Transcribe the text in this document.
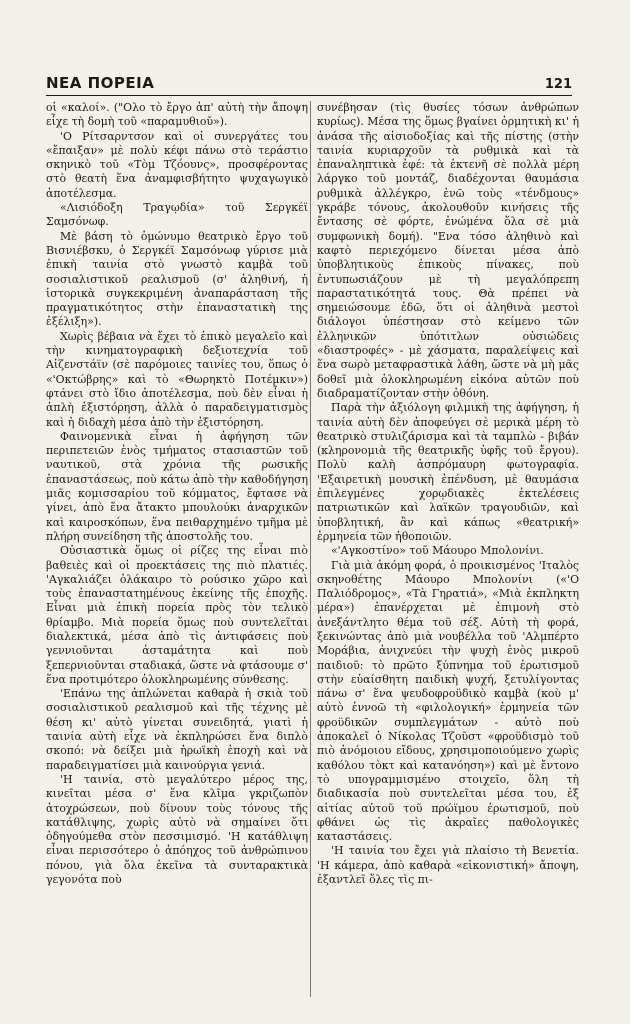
ΝΕΑ ΠΟΡΕΙΑ	121

οἱ «καλοί». ("Ολο τὸ ἔργο ἀπ' αὐτὴ τὴν ἄποψη εἶχε τὴ δομὴ τοῦ «παραμυθιοῦ»).

'Ο Ρίτσαρντσον καὶ οἱ συνεργάτες του «ἔπαιξαν» μὲ πολὺ κέφι πάνω στὸ τεράστιο σκηνικὸ τοῦ «Τὸμ Τζόουνς», προσφέροντας στὸ θεατὴ ἕνα ἀναμφισβήτητο ψυχαγωγικὸ ἀποτέλεσμα.

«Λισιόδοξη Τραγῳδία» τοῦ Σεργκέϊ Σαμσόνωφ.

Μὲ βάση τὸ ὁμώνυμο θεατρικὸ ἔργο τοῦ Βισνιέβσκυ, ὁ Σεργκέϊ Σαμσόνωφ γύρισε μιὰ ἐπικὴ ταινία στὸ γνωστὸ καμβὰ τοῦ σοσιαλιστικοῦ ρεαλισμοῦ (σ' ἀληθινή, ἡ ἱστορικὰ συγκεκριμένη ἀναπαράσταση τῆς πραγματικότητος στὴν ἐπαναστατικὴ της ἐξέλιξη»).

Χωρὶς βέβαια νὰ ἔχει τὸ ἐπικὸ μεγαλεῖο καὶ τὴν κινηματογραφικὴ δεξιοτεχνία τοῦ Αἰζενστάϊν (σὲ παρόμοιες ταινίες του, ὅπως ὁ «'Οκτώβρης» καὶ τὸ «Θωρηκτὸ Ποτέμκιν») φτάνει στὸ ἴδιο ἀποτέλεσμα, ποὺ δὲν εἶναι ἡ ἁπλὴ ἐξιστόρηση, ἀλλὰ ὁ παραδειγματισμὸς καὶ ἡ διδαχὴ μέσα ἀπὸ τὴν ἐξιστόρηση.

Φαινομενικὰ εἶναι ἡ ἀφήγηση τῶν περιπετειῶν ἑνὸς τμήματος στασιαστῶν τοῦ ναυτικοῦ, στὰ χρόνια τῆς ρωσικῆς ἐπαναστάσεως, ποὺ κάτω ἀπὸ τὴν καθοδήγηση μιᾶς κομισσαρίου τοῦ κόμματος, ἔφτασε νὰ γίνει, ἀπὸ ἕνα ἄτακτο μπουλούκι ἀναρχικῶν καὶ καιροσκόπων, ἕνα πειθαρχημένο τμῆμα μὲ πλήρη συνείδηση τῆς ἀποστολῆς του.

Οὐσιαστικὰ ὅμως οἱ ρίζες της εἶναι πιὸ βαθειὲς καὶ οἱ προεκτάσεις της πιὸ πλατιές. 'Αγκαλιάζει ὁλάκαιρο τὸ ρούσικο χῶρο καὶ τοὺς ἐπαναστατημένους ἐκείνης τῆς ἐποχῆς. Εἶναι μιὰ ἐπικὴ πορεία πρὸς τὸν τελικὸ θρίαμβο. Μιὰ πορεία ὅμως ποὺ συντελεῖται διαλεκτικά, μέσα ἀπὸ τὶς ἀντιφάσεις ποὺ γεννιοῦνται ἀσταμάτητα καὶ ποὺ ξεπερνιοῦνται σταδιακά, ὥστε νὰ φτάσουμε σ' ἕνα προτιμότερο ὁλοκληρωμένης σύνθεσης.

'Επάνω της ἁπλώνεται καθαρὰ ἡ σκιὰ τοῦ σοσιαλιστικοῦ ρεαλισμοῦ καὶ τῆς τέχνης μὲ θέση κι' αὐτὸ γίνεται συνειδητά, γιατὶ ἡ ταινία αὐτὴ εἶχε νὰ ἐκπληρώσει ἕνα διπλὸ σκοπό: νὰ δείξει μιὰ ἡρωϊκὴ ἐποχὴ καὶ νὰ παραδειγματίσει μιὰ καινούργια γενιά.

'Η ταινία, στὸ μεγαλύτερο μέρος της, κινεῖται μέσα σ' ἕνα κλῖμα γκριζωπὸν ἀτοχρώσεων, ποὺ δίνουν τοὺς τόνους τῆς κατάθλιψης, χωρὶς αὐτὸ νὰ σημαίνει ὅτι ὁδηγούμεθα στὸν πεσσιμισμό. 'Η κατάθλιψη εἶναι περισσότερο ὁ ἀπόηχος τοῦ ἀνθρώπινου πόνου, γιὰ ὅλα ἐκεῖνα τὰ συνταρακτικὰ γεγονότα ποὺ

συνέβησαν (τὶς θυσίες τόσων ἀνθρώπων κυρίως). Μέσα της ὅμως βγαίνει ὁρμητικὴ κι' ἡ ἀνάσα τῆς αἰσιοδοξίας καὶ τῆς πίστης (στὴν ταινία κυριαρχοῦν τὰ ρυθμικὰ καὶ τὰ ἐπαναληπτικὰ ἐφέ: τὰ ἐκτενῆ σὲ πολλὰ μέρη λάργκο τοῦ μοντάζ, διαδέχονται θαυμάσια ρυθμικὰ ἀλλέγκρο, ἐνῶ τοὺς «τένδμους» γκράβε τόνους, ἀκολουθοῦν κινήσεις τῆς ἔντασης σὲ φόρτε, ἐνώμένα ὅλα σὲ μιὰ συμφωνικὴ δομή). "Ενα τόσο ἀληθινὸ καὶ καφτὸ περιεχόμενο δίνεται μέσα ἀπὸ ὑποβλητικοὺς ἐπικοὺς πίνακες, ποὺ ἐντυπωσιάζουν μὲ τὴ μεγαλόπρεπη παραστατικότητά τους. Θὰ πρέπει νὰ σημειώσουμε ἐδῶ, ὅτι οἱ ἀληθινὰ μεστοὶ διάλογοι ὑπέστησαν στὸ κείμενο τῶν ἑλληνικῶν ὑπότιτλων οὐσιώδεις «διαστροφές» - μὲ χάσματα, παραλείψεις καὶ ἕνα σωρὸ μεταφραστικὰ λάθη, ὥστε νὰ μὴ μᾶς δοθεῖ μιὰ ὁλοκληρωμένη εἰκόνα αὐτῶν ποὺ διαδραματίζονταν στὴν ὀθόνη.

Παρὰ τὴν ἀξιόλογη φιλμικὴ της ἀφήγηση, ἡ ταινία αὐτὴ δὲν ἀποφεύγει σὲ μερικὰ μέρη τὸ θεατρικὸ στυλιζάρισμα καὶ τὰ ταμπλὼ - βιβάν (κληρονομιὰ τῆς θεατρικῆς ὑφῆς τοῦ ἔργου). Πολὺ καλὴ ἀσπρόμαυρη φωτογραφία. 'Εξαιρετικὴ μουσικὴ ἐπένδυση, μὲ θαυμάσια ἐπιλεγμένες χορῳδιακὲς ἐκτελέσεις πατριωτικῶν καὶ λαϊκῶν τραγουδιῶν, καὶ ὑποβλητική, ἂν καὶ κάπως «θεατρική» ἑρμηνεία τῶν ἠθοποιῶν.

«'Αγκοστίνο» τοῦ Μάουρο Μπολονίνι.

Γιὰ μιὰ ἀκόμη φορά, ὁ προικισμένος 'Ιταλὸς σκηνοθέτης Μάουρο Μπολονίνι («'Ο Παλιόδρομος», «Τὰ Γηρατιά», «Μιὰ ἐκπληκτη μέρα») ἐπανέρχεται μὲ ἐπιμονὴ στὸ ἀνεξάντλητο θέμα τοῦ σέξ. Αὐτὴ τὴ φορά, ξεκινώντας ἀπὸ μιὰ νουβέλλα τοῦ 'Αλμπέρτο Μοράβια, ἀνιχνεύει τὴν ψυχὴ ἑνὸς μικροῦ παιδιοῦ: τὸ πρῶτο ξύπνημα τοῦ ἐρωτισμοῦ στὴν εὐαίσθητη παιδικὴ ψυχή, ξετυλίγοντας πάνω σ' ἕνα ψευδοφροϋδικὸ καμβὰ (κοὺ μ' αὐτὸ ἐννοῶ τὴ «φιλολογική» ἑρμηνεία τῶν φροϋδικῶν συμπλεγμάτων - αὐτὸ ποὺ ἀποκαλεῖ ὁ Νίκολας Τζοῦστ «φροϋδισμὸ τοῦ πιὸ ἀνόμοιου εἴδους, χρησιμοποιούμενο χωρὶς καθόλου τὸκτ καὶ κατανόηση») καὶ μὲ ἔντονο τὸ υπογραμμισμένο στοιχεῖο, ὅλη τὴ διαδικασία ποὺ συντελεῖται μέσα του, ἐξ αἰτίας αὐτοῦ τοῦ πρώϊμου ἐρωτισμοῦ, ποὺ φθάνει ὡς τὶς ἀκραῖες παθολογικὲς καταστάσεις.

'Η ταινία του ἔχει γιὰ πλαίσιο τὴ Βενετία. 'Η κάμερα, ἀπὸ καθαρὰ «εἰκονιστική» ἄποψη, ἐξαντλεῖ ὅλες τὶς πι-
